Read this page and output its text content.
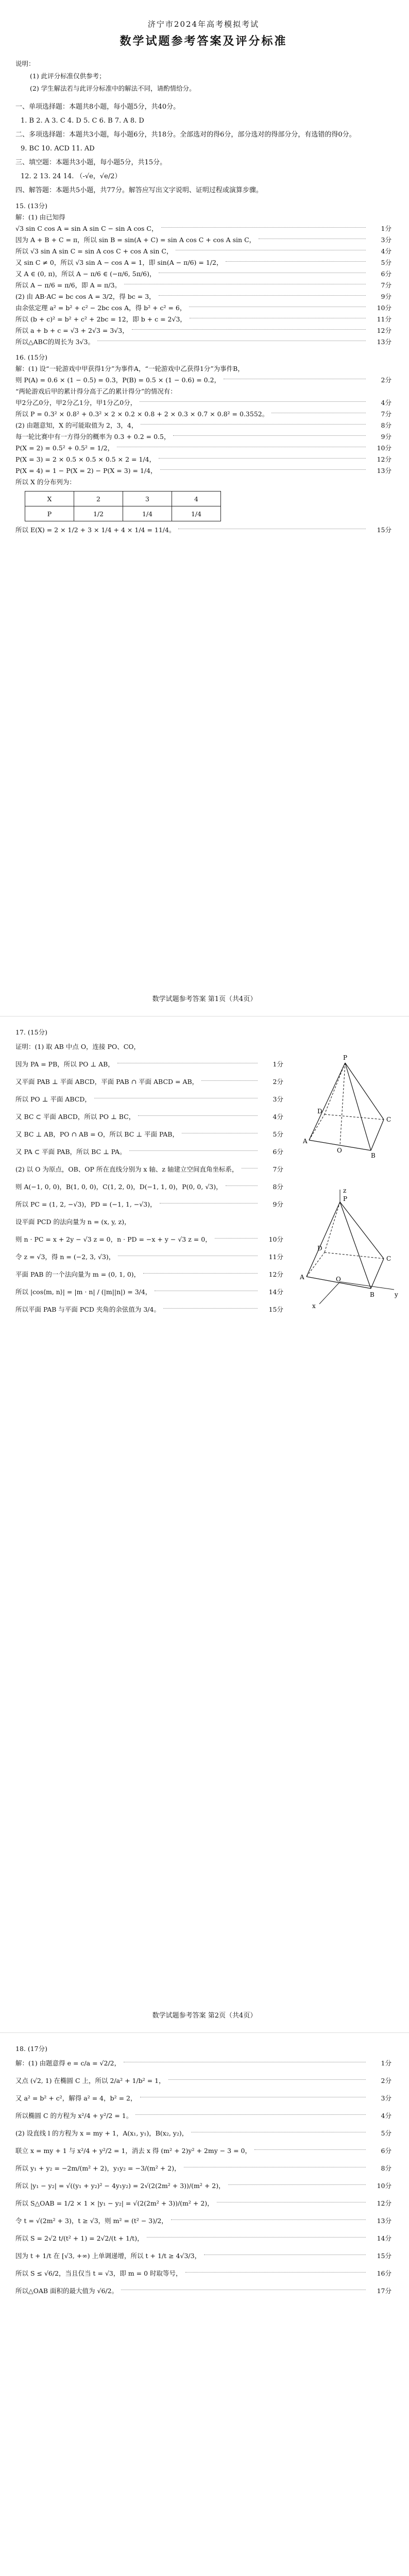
济宁市2024年高考模拟考试
数学试题参考答案及评分标准
说明：
(1) 此评分标准仅供参考；
(2) 学生解法若与此评分标准中的解法不同，请酌情给分。
一、单项选择题：本题共8小题，每小题5分，共40分。
1. B 2. A 3. C 4. D 5. C 6. B 7. A 8. D
二、多项选择题：本题共3小题，每小题6分，共18分。全部选对的得6分，部分选对的得部分分，有选错的得0分。
9. BC 10. ACD 11. AD
三、填空题：本题共3小题，每小题5分，共15分。
12. 2 13. 24 14. （-√e，√e/2）
四、解答题：本题共5小题，共77分。解答应写出文字说明、证明过程或演算步骤。
15. (13分)
解：(1) 由已知得
√3 sin C cos A = sin A sin C − sin A cos C，	1分
因为 A + B + C = π，所以 sin B = sin(A + C) = sin A cos C + cos A sin C，	3分
所以 √3 sin A sin C = sin A cos C + cos A sin C，	4分
又 sin C ≠ 0，所以 √3 sin A − cos A = 1，即 sin(A − π/6) = 1/2，	5分
又 A ∈ (0, π)，所以 A − π/6 ∈ (−π/6, 5π/6)，	6分
所以 A − π/6 = π/6，即 A = π/3。	7分
(2) 由 AB·AC = bc cos A = 3/2，得 bc = 3，	9分
由余弦定理 a² = b² + c² − 2bc cos A，得 b² + c² = 6，	10分
所以 (b + c)² = b² + c² + 2bc = 12，即 b + c = 2√3，	11分
所以 a + b + c = √3 + 2√3 = 3√3，	12分
所以△ABC的周长为 3√3。	13分
16. (15分)
解：(1) 设“一轮游戏中甲获得1分”为事件A，“一轮游戏中乙获得1分”为事件B，
则 P(A) = 0.6 × (1 − 0.5) = 0.3，P(B) = 0.5 × (1 − 0.6) = 0.2，	2分
“两轮游戏后甲的累计得分高于乙的累计得分”的情况有：
甲2分乙0分，甲2分乙1分，甲1分乙0分，	4分
所以 P = 0.3² × 0.8² + 0.3² × 2 × 0.2 × 0.8 + 2 × 0.3 × 0.7 × 0.8² = 0.3552。	7分
(2) 由题意知，X 的可能取值为 2，3，4，	8分
每一轮比赛中有一方得分的概率为 0.3 + 0.2 = 0.5，	9分
P(X = 2) = 0.5² + 0.5² = 1/2，	10分
P(X = 3) = 2 × 0.5 × 0.5 × 0.5 × 2 = 1/4，	12分
P(X = 4) = 1 − P(X = 2) − P(X = 3) = 1/4，	13分
所以 X 的分布列为：
X	2	3	4
P	1/2	1/4	1/4
所以 E(X) = 2 × 1/2 + 3 × 1/4 + 4 × 1/4 = 11/4。	15分
数学试题参考答案 第1页（共4页）
17. (15分)
证明：(1) 取 AB 中点 O，连接 PO、CO，
因为 PA = PB，所以 PO ⊥ AB，	1分
又平面 PAB ⊥ 平面 ABCD，平面 PAB ∩ 平面 ABCD = AB，	2分
所以 PO ⊥ 平面 ABCD，	3分
又 BC ⊂ 平面 ABCD，所以 PO ⊥ BC，	4分
又 BC ⊥ AB，PO ∩ AB = O，所以 BC ⊥ 平面 PAB，	5分
又 PA ⊂ 平面 PAB，所以 BC ⊥ PA。	6分
(2) 以 O 为原点，OB、OP 所在直线分别为 x 轴、z 轴建立空间直角坐标系，	7分
则 A(−1, 0, 0)，B(1, 0, 0)，C(1, 2, 0)，D(−1, 1, 0)，P(0, 0, √3)，	8分
所以 PC = (1, 2, −√3)，PD = (−1, 1, −√3)，	9分
设平面 PCD 的法向量为 n = (x, y, z)，
则 n · PC = x + 2y − √3 z = 0，n · PD = −x + y − √3 z = 0，	10分
令 z = √3，得 n = (−2, 3, √3)，	11分
平面 PAB 的一个法向量为 m = (0, 1, 0)，	12分
所以 |cos⟨m, n⟩| = |m · n| / (|m||n|) = 3/4，	14分
所以平面 PAB 与平面 PCD 夹角的余弦值为 3/4。	15分
P
A
B
C
D
O
z
P
A
B
C
D
O
y
x
数学试题参考答案 第2页（共4页）
18. (17分)
解：(1) 由题意得 e = c/a = √2/2，	1分
又点 (√2, 1) 在椭圆 C 上，所以 2/a² + 1/b² = 1，	2分
又 a² = b² + c²，解得 a² = 4，b² = 2，	3分
所以椭圆 C 的方程为 x²/4 + y²/2 = 1。	4分
(2) 设直线 l 的方程为 x = my + 1，A(x₁, y₁)，B(x₂, y₂)，	5分
联立 x = my + 1 与 x²/4 + y²/2 = 1，消去 x 得 (m² + 2)y² + 2my − 3 = 0，	6分
所以 y₁ + y₂ = −2m/(m² + 2)，y₁y₂ = −3/(m² + 2)，	8分
所以 |y₁ − y₂| = √((y₁ + y₂)² − 4y₁y₂) = 2√(2(2m² + 3))/(m² + 2)，	10分
所以 S△OAB = 1/2 × 1 × |y₁ − y₂| = √(2(2m² + 3))/(m² + 2)，	12分
令 t = √(2m² + 3)，t ≥ √3，则 m² = (t² − 3)/2，	13分
所以 S = 2√2 t/(t² + 1) = 2√2/(t + 1/t)，	14分
因为 t + 1/t 在 [√3, +∞) 上单调递增，所以 t + 1/t ≥ 4√3/3，	15分
所以 S ≤ √6/2，当且仅当 t = √3，即 m = 0 时取等号，	16分
所以△OAB 面积的最大值为 √6/2。	17分
